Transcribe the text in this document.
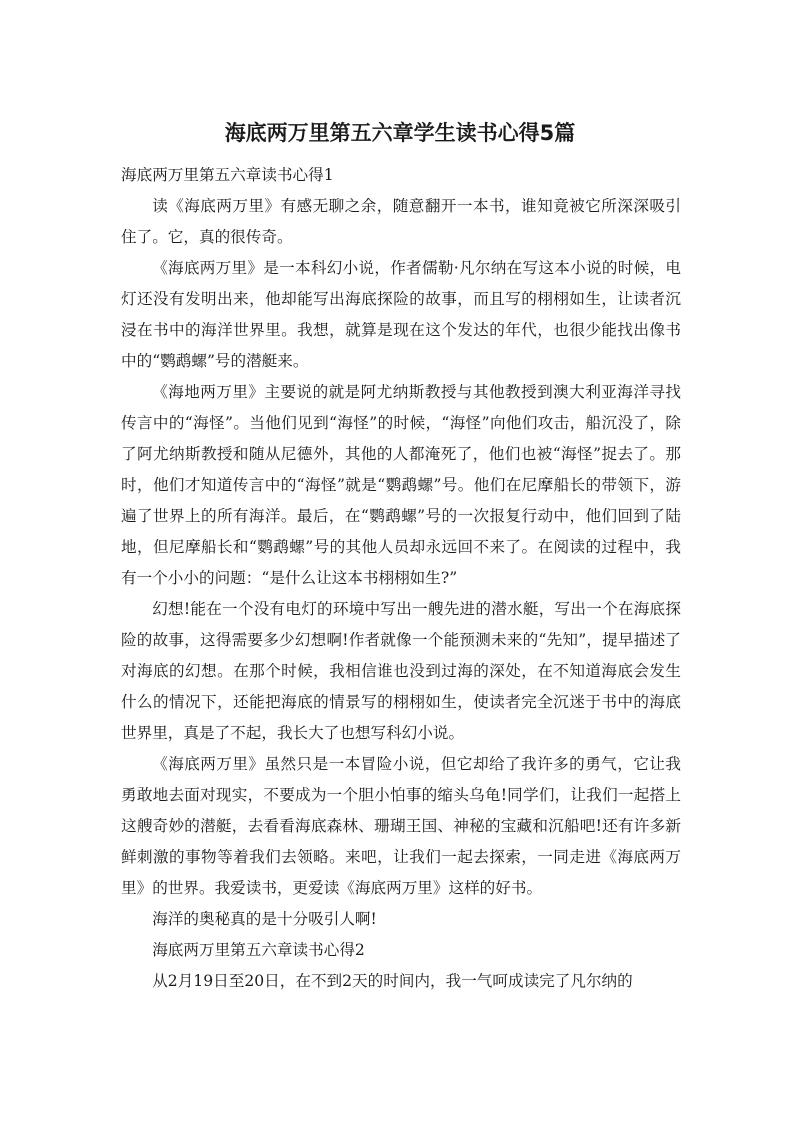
海底两万里第五六章学生读书心得5篇

海底两万里第五六章读书心得1

读《海底两万里》有感无聊之余，随意翻开一本书，谁知竟被它所深深吸引住了。它，真的很传奇。

《海底两万里》是一本科幻小说，作者儒勒·凡尔纳在写这本小说的时候，电灯还没有发明出来，他却能写出海底探险的故事，而且写的栩栩如生，让读者沉浸在书中的海洋世界里。我想，就算是现在这个发达的年代，也很少能找出像书中的“鹦鹉螺”号的潜艇来。

《海地两万里》主要说的就是阿尤纳斯教授与其他教授到澳大利亚海洋寻找传言中的“海怪”。当他们见到“海怪”的时候，“海怪”向他们攻击，船沉没了，除了阿尤纳斯教授和随从尼德外，其他的人都淹死了，他们也被“海怪”捉去了。那时，他们才知道传言中的“海怪”就是“鹦鹉螺”号。他们在尼摩船长的带领下，游遍了世界上的所有海洋。最后，在“鹦鹉螺”号的一次报复行动中，他们回到了陆地，但尼摩船长和“鹦鹉螺”号的其他人员却永远回不来了。在阅读的过程中，我有一个小小的问题：“是什么让这本书栩栩如生?”

幻想!能在一个没有电灯的环境中写出一艘先进的潜水艇，写出一个在海底探险的故事，这得需要多少幻想啊!作者就像一个能预测未来的“先知”，提早描述了对海底的幻想。在那个时候，我相信谁也没到过海的深处，在不知道海底会发生什么的情况下，还能把海底的情景写的栩栩如生，使读者完全沉迷于书中的海底世界里，真是了不起，我长大了也想写科幻小说。

《海底两万里》虽然只是一本冒险小说，但它却给了我许多的勇气，它让我勇敢地去面对现实，不要成为一个胆小怕事的缩头乌龟!同学们，让我们一起搭上这艘奇妙的潜艇，去看看海底森林、珊瑚王国、神秘的宝藏和沉船吧!还有许多新鲜刺激的事物等着我们去领略。来吧，让我们一起去探索，一同走进《海底两万里》的世界。我爱读书，更爱读《海底两万里》这样的好书。

海洋的奥秘真的是十分吸引人啊!

海底两万里第五六章读书心得2

从2月19日至20日，在不到2天的时间内，我一气呵成读完了凡尔纳的
